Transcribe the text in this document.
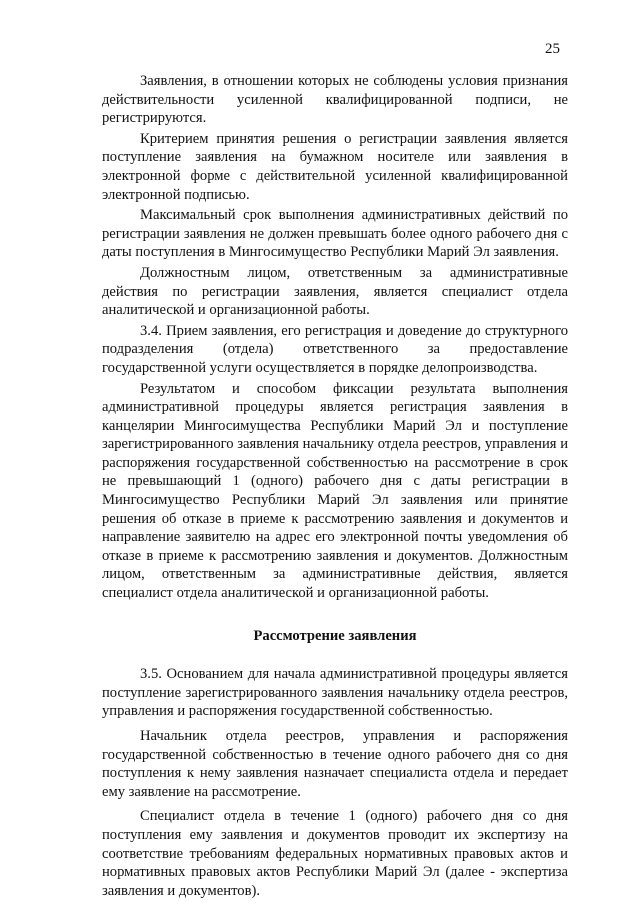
25

Заявления, в отношении которых не соблюдены условия признания действительности усиленной квалифицированной подписи, не регистрируются.

Критерием принятия решения о регистрации заявления является поступление заявления на бумажном носителе или заявления в электронной форме с действительной усиленной квалифицированной электронной подписью.

Максимальный срок выполнения административных действий по регистрации заявления не должен превышать более одного рабочего дня с даты поступления в Мингосимущество Республики Марий Эл заявления.

Должностным лицом, ответственным за административные действия по регистрации заявления, является специалист отдела аналитической и организационной работы.

3.4. Прием заявления, его регистрация и доведение до структурного подразделения (отдела) ответственного за предоставление государственной услуги осуществляется в порядке делопроизводства.

Результатом и способом фиксации результата выполнения административной процедуры является регистрация заявления в канцелярии Мингосимущества Республики Марий Эл и поступление зарегистрированного заявления начальнику отдела реестров, управления и распоряжения государственной собственностью на рассмотрение в срок не превышающий 1 (одного) рабочего дня с даты регистрации в Мингосимущество Республики Марий Эл заявления или принятие решения об отказе в приеме к рассмотрению заявления и документов и направление заявителю на адрес его электронной почты уведомления об отказе в приеме к рассмотрению заявления и документов. Должностным лицом, ответственным за административные действия, является специалист отдела аналитической и организационной работы.

Рассмотрение заявления

3.5. Основанием для начала административной процедуры является поступление зарегистрированного заявления начальнику отдела реестров, управления и распоряжения государственной собственностью.

Начальник отдела реестров, управления и распоряжения государственной собственностью в течение одного рабочего дня со дня поступления к нему заявления назначает специалиста отдела и передает ему заявление на рассмотрение.

Специалист отдела в течение 1 (одного) рабочего дня со дня поступления ему заявления и документов проводит их экспертизу на соответствие требованиям федеральных нормативных правовых актов и нормативных правовых актов Республики Марий Эл (далее - экспертиза заявления и документов).
